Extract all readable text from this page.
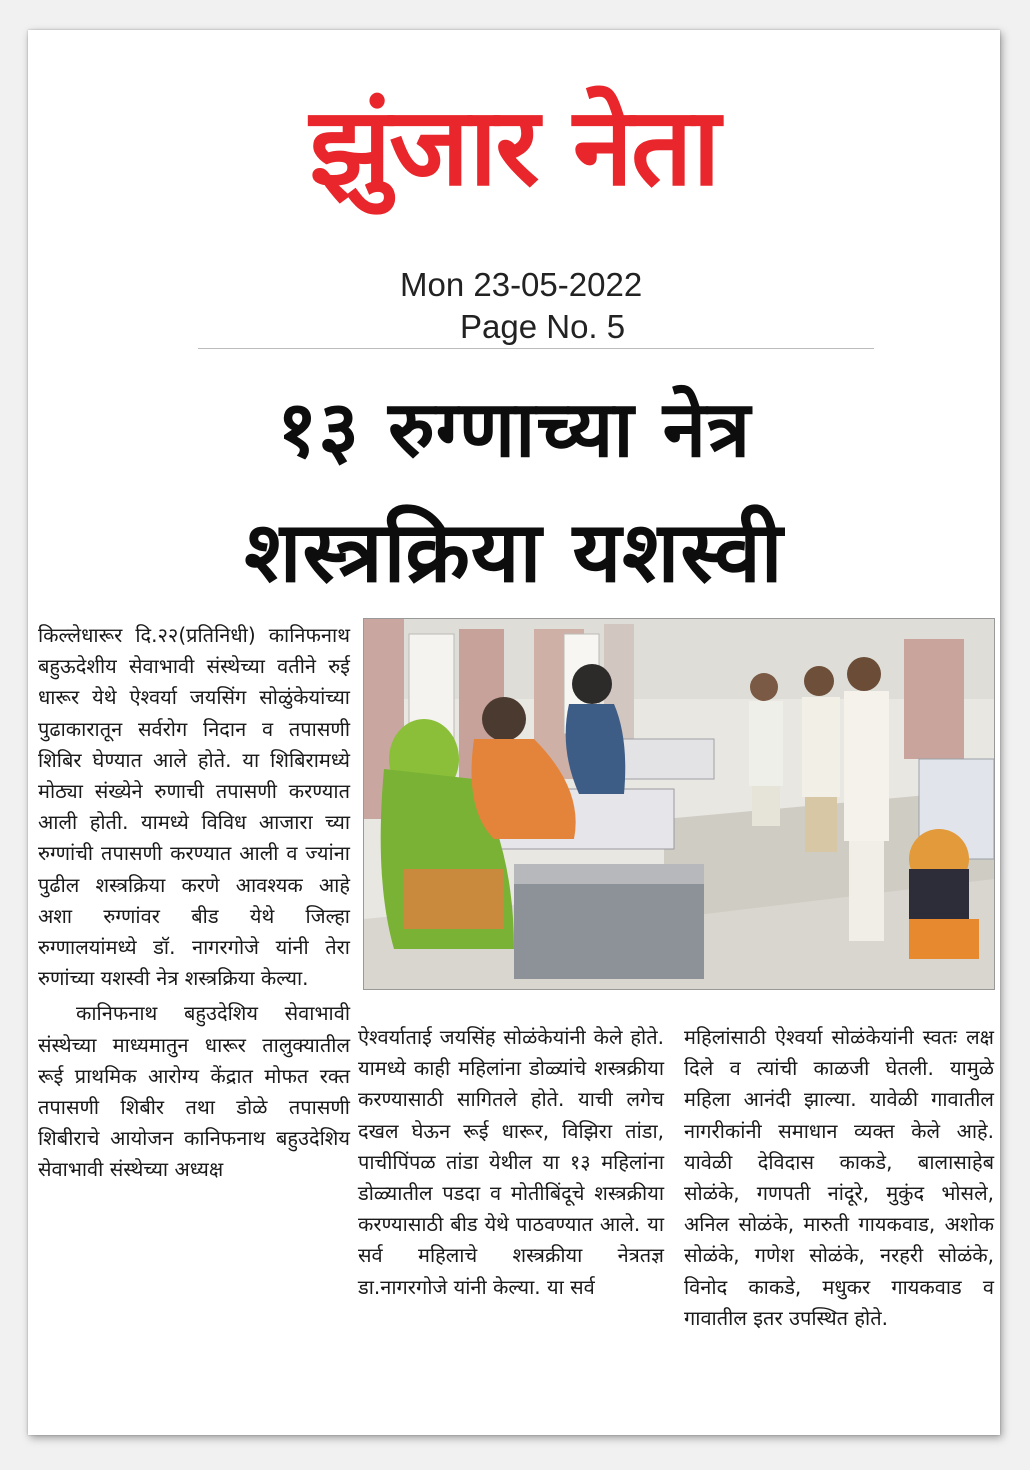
झुंजार नेता
Mon 23-05-2022
Page No. 5
१३ रुग्णाच्या नेत्र
शस्त्रक्रिया यशस्वी

किल्लेधारूर दि.२२(प्रतिनिधी) कानिफनाथ बहुऊदेशीय सेवाभावी संस्थेच्या वतीने रुई धारूर येथे ऐश्वर्या जयसिंग सोळुंकेयांच्या पुढाकारातून सर्वरोग निदान व तपासणी शिबिर घेण्यात आले होते. या शिबिरामध्ये मोठ्या संख्येने रुणाची तपासणी करण्यात आली होती. यामध्ये विविध आजारा च्या रुग्णांची तपासणी करण्यात आली व ज्यांना पुढील शस्त्रक्रिया करणे आवश्यक आहे अशा रुग्णांवर बीड येथे जिल्हा रुग्णालयांमध्ये डॉ. नागरगोजे यांनी तेरा रुणांच्या यशस्वी नेत्र शस्त्रक्रिया केल्या.

कानिफनाथ बहुउदेशिय सेवाभावी संस्थेच्या माध्यमातुन धारूर तालुक्यातील रूई प्राथमिक आरोग्य केंद्रात मोफत रक्त तपासणी शिबीर तथा डोळे तपासणी शिबीराचे आयोजन कानिफनाथ बहुउदेशिय सेवाभावी संस्थेच्या अध्यक्ष

ऐश्वर्याताई जयसिंह सोळंकेयांनी केले होते. यामध्ये काही महिलांना डोळ्यांचे शस्त्रक्रीया करण्यासाठी सागितले होते. याची लगेच दखल घेऊन रूई धारूर, विझिरा तांडा, पाचीपिंपळ तांडा येथील या १३ महिलांना डोळ्यातील पडदा व मोतीबिंदूचे शस्त्रक्रीया करण्यासाठी बीड येथे पाठवण्यात आले. या सर्व महिलाचे शस्त्रक्रीया नेत्रतज्ञ डा.नागरगोजे यांनी केल्या. या सर्व

महिलांसाठी ऐश्वर्या सोळंकेयांनी स्वतः लक्ष दिले व त्यांची काळजी घेतली. यामुळे महिला आनंदी झाल्या. यावेळी गावातील नागरीकांनी समाधान व्यक्त केले आहे. यावेळी देविदास काकडे, बालासाहेब सोळंके, गणपती नांदूरे, मुकुंद भोसले, अनिल सोळंके, मारुती गायकवाड, अशोक सोळंके, गणेश सोळंके, नरहरी सोळंके, विनोद काकडे, मधुकर गायकवाड व गावातील इतर उपस्थित होते.
